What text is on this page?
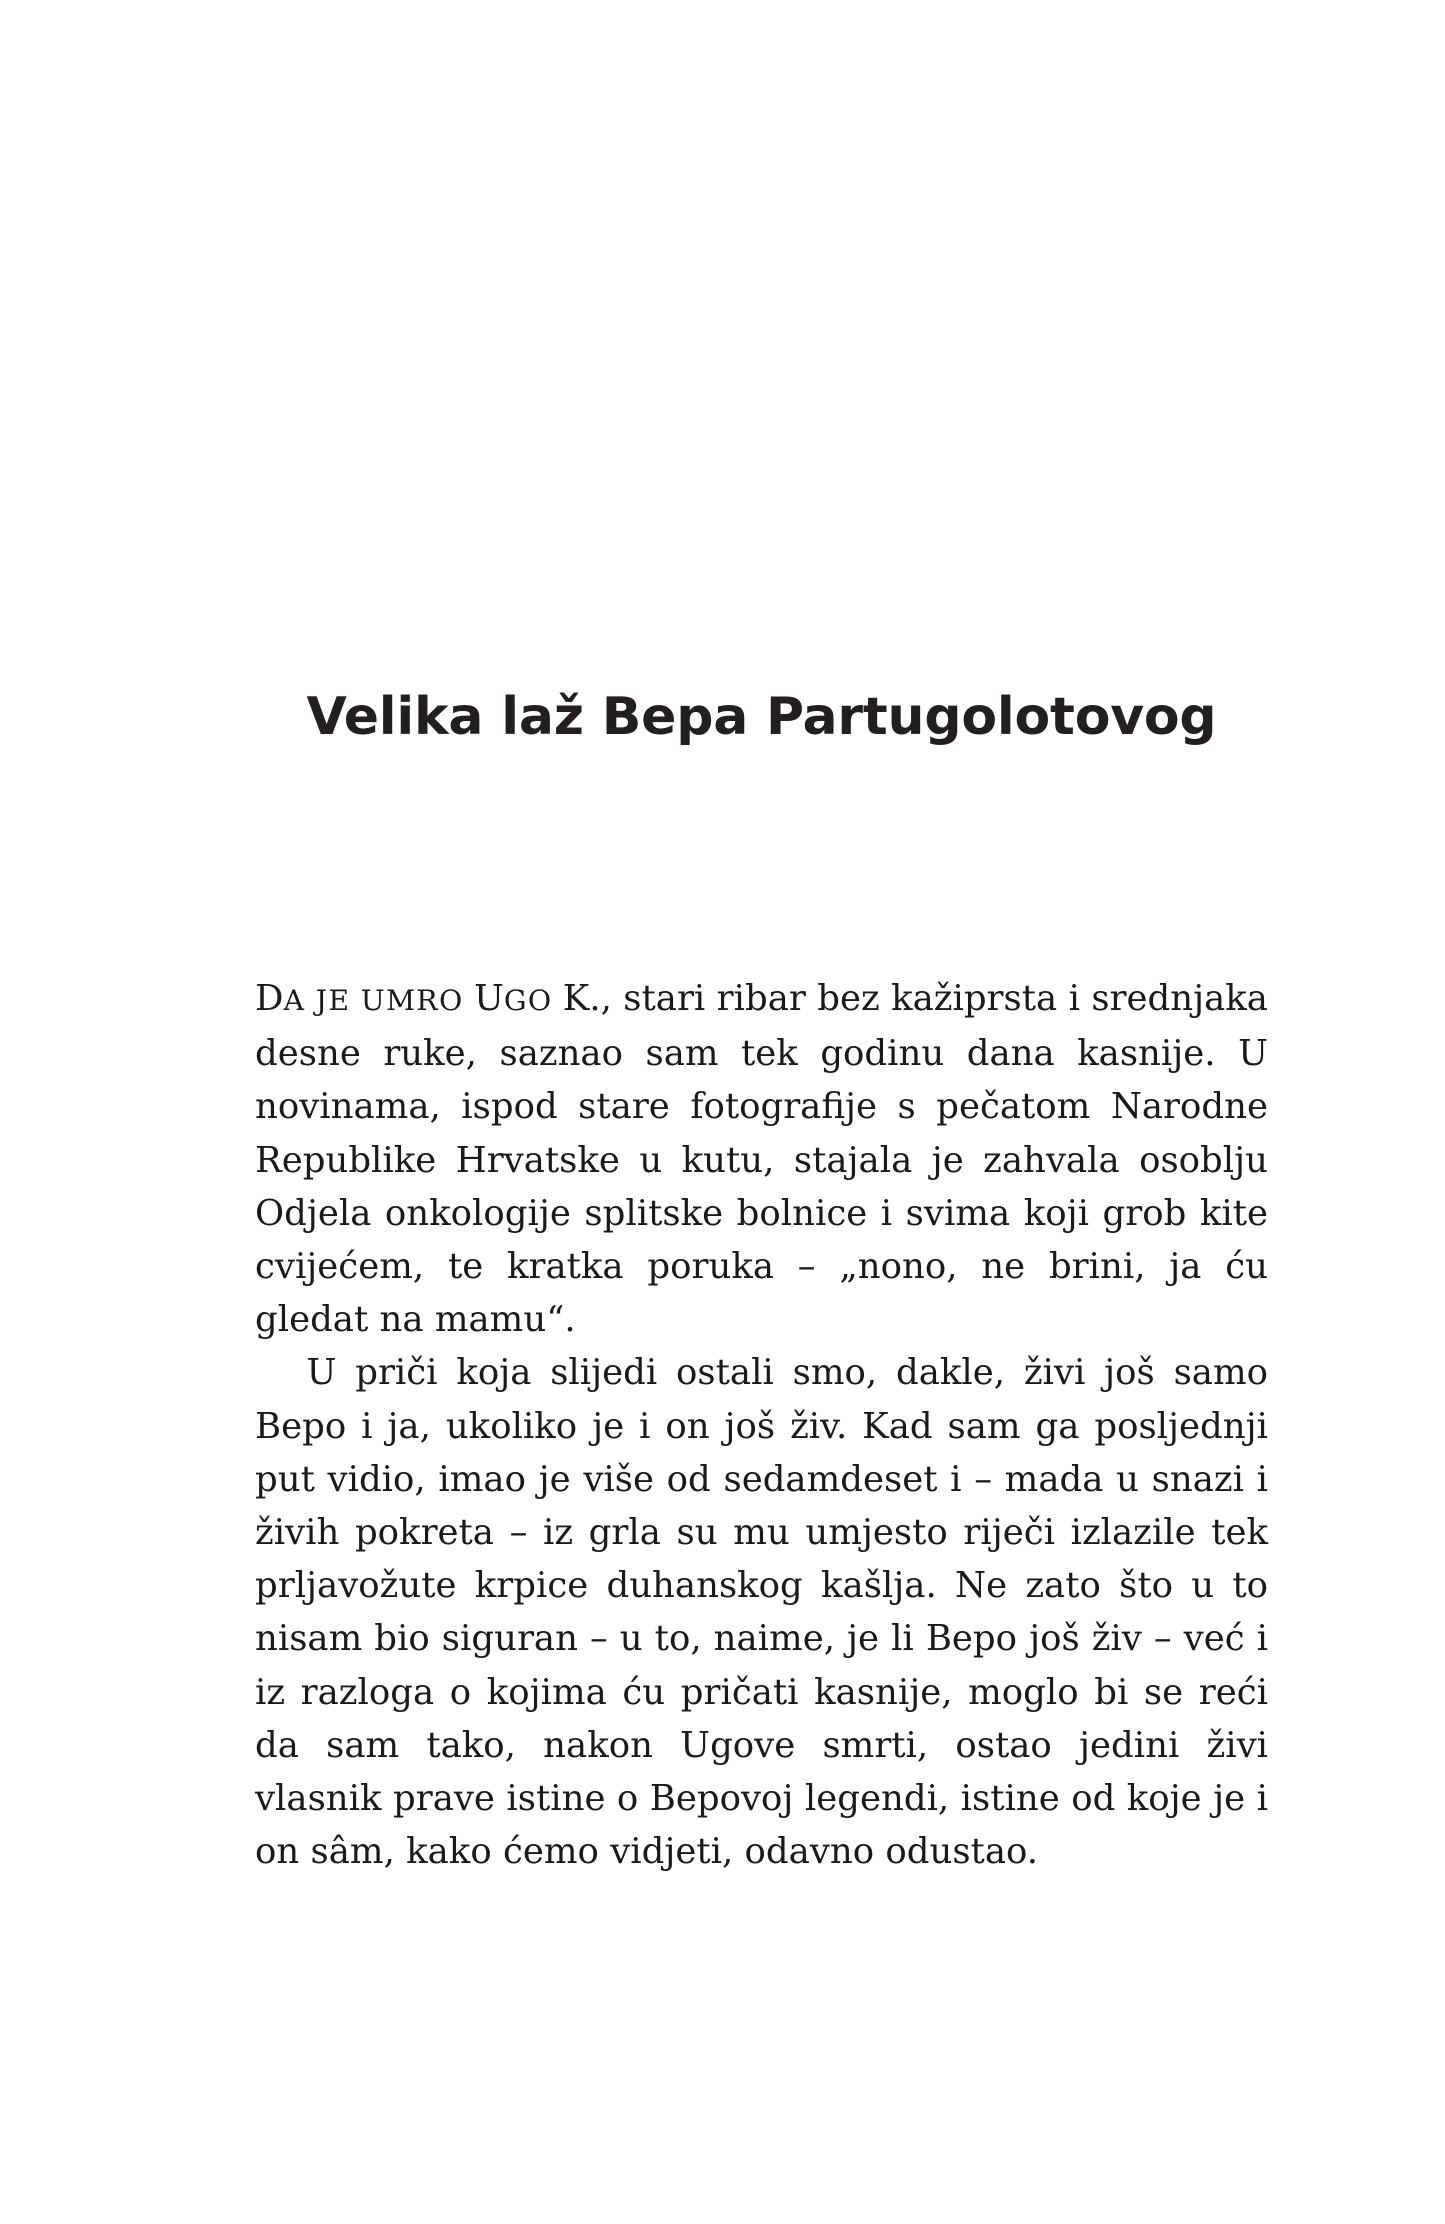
Velika laž Bepa Partugolotovog

DA JE UMRO UGO K., stari ribar bez kažiprsta i srednjaka desne ruke, saznao sam tek godinu dana kasnije. U novinama, ispod stare fotografije s pečatom Narodne Republike Hrvatske u kutu, stajala je zahvala osoblju Odjela onkologije splitske bolnice i svima koji grob kite cvijećem, te kratka poruka – „nono, ne brini, ja ću gledat na mamu“.

U priči koja slijedi ostali smo, dakle, živi još samo Bepo i ja, ukoliko je i on još živ. Kad sam ga posljednji put vidio, imao je više od sedamdeset i – mada u snazi i živih pokreta – iz grla su mu umjesto riječi izlazile tek prljavožute krpice duhanskog kašlja. Ne zato što u to nisam bio siguran – u to, naime, je li Bepo još živ – već i iz razloga o kojima ću pričati kasnije, moglo bi se reći da sam tako, nakon Ugove smrti, ostao jedini živi vlasnik prave istine o Bepovoj legendi, istine od koje je i on sâm, kako ćemo vidjeti, odavno odustao.
